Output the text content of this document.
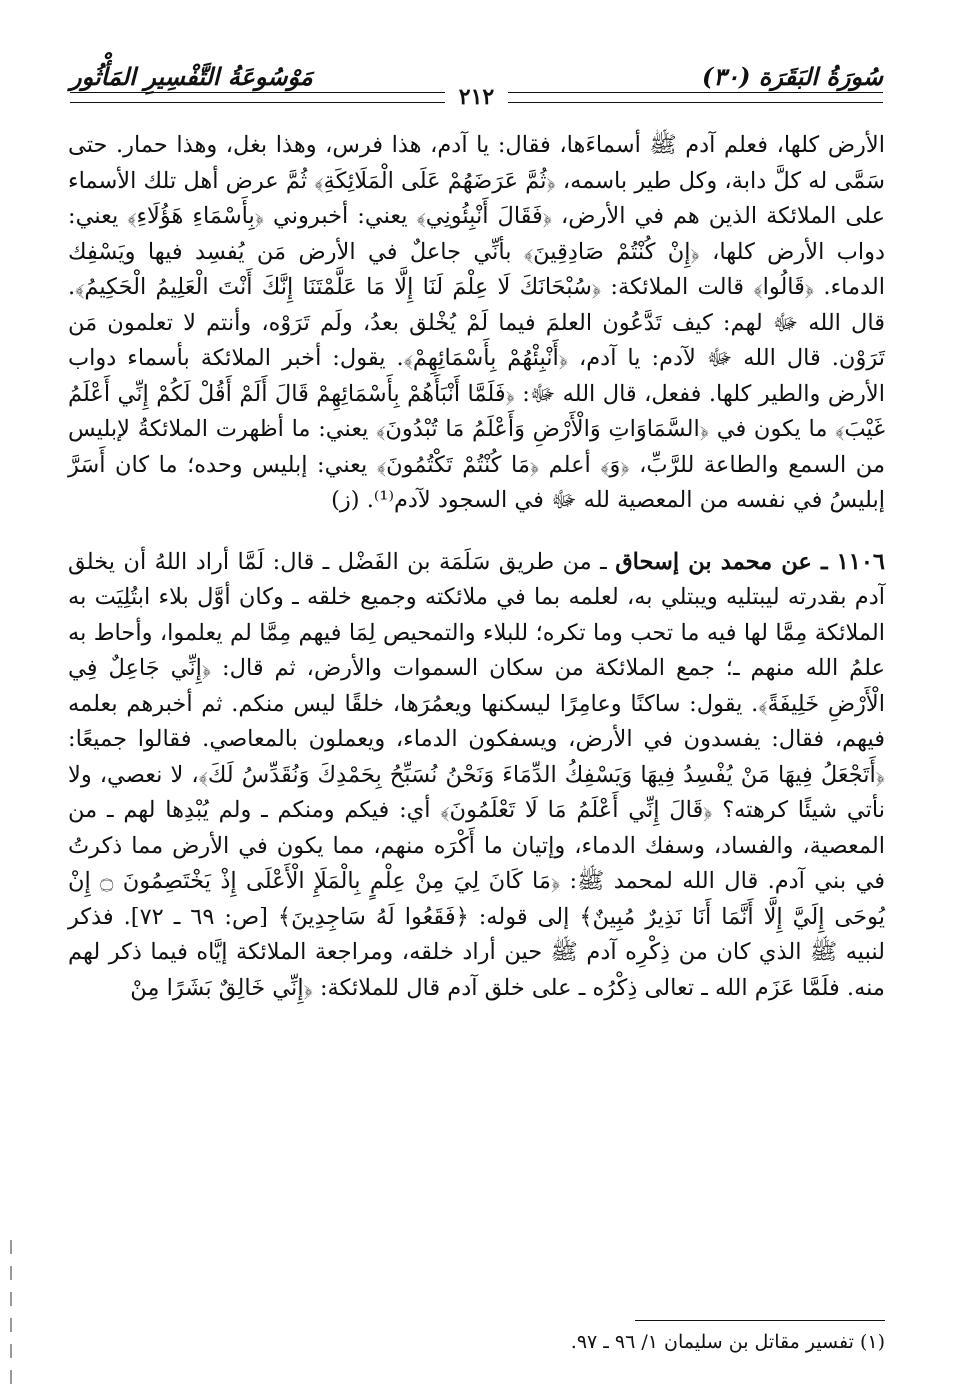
سُورَةُ البَقَرَة (٣٠)
مَوْسُوعَةُ التَّفْسِيرِ المَأْثُور
٢١٢

الأرض كلها، فعلم آدم ﷺ أسماءَها، فقال: يا آدم، هذا فرس، وهذا بغل، وهذا حمار. حتى سَمَّى له كلَّ دابة، وكل طير باسمه، ﴿ثُمَّ عَرَضَهُمْ عَلَى الْمَلَائِكَةِ﴾ ثُمَّ عرض أهل تلك الأسماء على الملائكة الذين هم في الأرض، ﴿فَقَالَ أَنْبِئُونِي﴾ يعني: أخبروني ﴿بِأَسْمَاءِ هَؤُلَاءِ﴾ يعني: دواب الأرض كلها، ﴿إِنْ كُنْتُمْ صَادِقِينَ﴾ بأنِّي جاعلٌ في الأرض مَن يُفسِد فيها ويَسْفِك الدماء. ﴿قَالُوا﴾ قالت الملائكة: ﴿سُبْحَانَكَ لَا عِلْمَ لَنَا إِلَّا مَا عَلَّمْتَنَا إِنَّكَ أَنْتَ الْعَلِيمُ الْحَكِيمُ﴾. قال الله ﷻ لهم: كيف تَدَّعُون العلمَ فيما لَمْ يُخْلق بعدُ، ولَم تَرَوْه، وأنتم لا تعلمون مَن تَرَوْن. قال الله ﷻ لآدم: يا آدم، ﴿أَنْبِئْهُمْ بِأَسْمَائِهِمْ﴾. يقول: أخبر الملائكة بأسماء دواب الأرض والطير كلها. ففعل، قال الله ﷻ: ﴿فَلَمَّا أَنْبَأَهُمْ بِأَسْمَائِهِمْ قَالَ أَلَمْ أَقُلْ لَكُمْ إِنِّي أَعْلَمُ غَيْبَ﴾ ما يكون في ﴿السَّمَاوَاتِ وَالْأَرْضِ وَأَعْلَمُ مَا تُبْدُونَ﴾ يعني: ما أظهرت الملائكةُ لإبليس من السمع والطاعة للرَّبِّ، ﴿وَ﴾ أعلم ﴿مَا كُنْتُمْ تَكْتُمُونَ﴾ يعني: إبليس وحده؛ ما كان أَسَرَّ إبليسُ في نفسه من المعصية لله ﷻ في السجود لآدم⁽¹⁾. (ز)

١١٠٦ ـ عن محمد بن إسحاق ـ من طريق سَلَمَة بن الفَضْل ـ قال: لَمَّا أراد اللهُ أن يخلق آدم بقدرته ليبتليه ويبتلي به، لعلمه بما في ملائكته وجميع خلقه ـ وكان أوَّل بلاء ابتُلِيَت به الملائكة مِمَّا لها فيه ما تحب وما تكره؛ للبلاء والتمحيص لِمَا فيهم مِمَّا لم يعلموا، وأحاط به علمُ الله منهم ـ؛ جمع الملائكة من سكان السموات والأرض، ثم قال: ﴿إِنِّي جَاعِلٌ فِي الْأَرْضِ خَلِيفَةً﴾. يقول: ساكنًا وعامِرًا ليسكنها ويعمُرَها، خلقًا ليس منكم. ثم أخبرهم بعلمه فيهم، فقال: يفسدون في الأرض، ويسفكون الدماء، ويعملون بالمعاصي. فقالوا جميعًا: ﴿أَتَجْعَلُ فِيهَا مَنْ يُفْسِدُ فِيهَا وَيَسْفِكُ الدِّمَاءَ وَنَحْنُ نُسَبِّحُ بِحَمْدِكَ وَنُقَدِّسُ لَكَ﴾، لا نعصي، ولا نأتي شيئًا كرهته؟ ﴿قَالَ إِنِّي أَعْلَمُ مَا لَا تَعْلَمُونَ﴾ أي: فيكم ومنكم ـ ولم يُبْدِها لهم ـ من المعصية، والفساد، وسفك الدماء، وإتيان ما أَكْرَه منهم، مما يكون في الأرض مما ذكرتُ في بني آدم. قال الله لمحمد ﷺ: ﴿مَا كَانَ لِيَ مِنْ عِلْمٍ بِالْمَلَإِ الْأَعْلَى إِذْ يَخْتَصِمُونَ ۝ إِنْ يُوحَى إِلَيَّ إِلَّا أَنَّمَا أَنَا نَذِيرٌ مُبِينٌ﴾ إلى قوله: ﴿فَقَعُوا لَهُ سَاجِدِينَ﴾ [ص: ٦٩ ـ ٧٢]. فذكر لنبيه ﷺ الذي كان من ذِكْرِه آدم ﷺ حين أراد خلقه، ومراجعة الملائكة إيَّاه فيما ذكر لهم منه. فلَمَّا عَزَم الله ـ تعالى ذِكْرُه ـ على خلق آدم قال للملائكة: ﴿إِنِّي خَالِقٌ بَشَرًا مِنْ

(١) تفسير مقاتل بن سليمان ١/ ٩٦ ـ ٩٧.
